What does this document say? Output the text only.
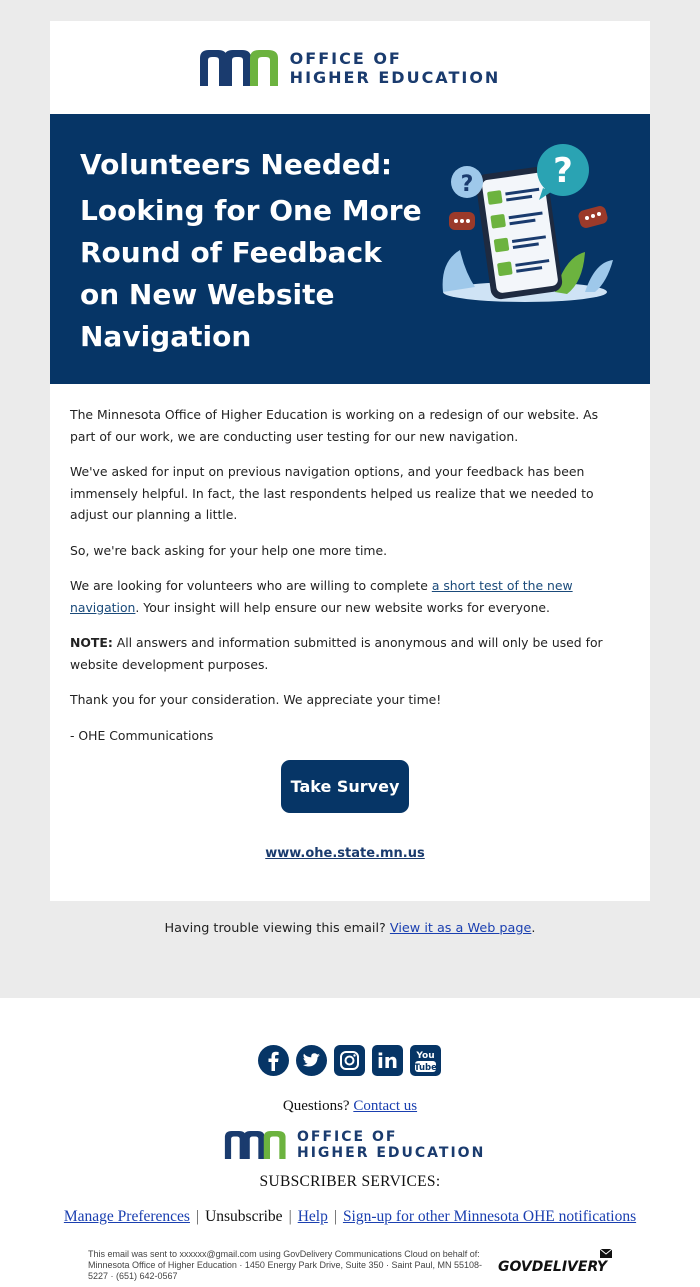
OFFICE OF
HIGHER EDUCATION
Volunteers Needed:
Looking for One More Round of Feedback on New Website Navigation
?
?

The Minnesota Office of Higher Education is working on a redesign of our website. As part of our work, we are conducting user testing for our new navigation.

We've asked for input on previous navigation options, and your feedback has been immensely helpful. In fact, the last respondents helped us realize that we needed to adjust our planning a little.

So, we're back asking for your help one more time.

We are looking for volunteers who are willing to complete a short test of the new navigation. Your insight will help ensure our new website works for everyone.

NOTE: All answers and information submitted is anonymous and will only be used for website development purposes.

Thank you for your consideration. We appreciate your time!

- OHE Communications

Take Survey
www.ohe.state.mn.us
Having trouble viewing this email? View it as a Web page.
in You
Tube
Questions? Contact us
OFFICE OF
HIGHER EDUCATION
SUBSCRIBER SERVICES:
Manage Preferences | Unsubscribe | Help | Sign-up for other Minnesota OHE notifications
This email was sent to xxxxxx@gmail.com using GovDelivery Communications Cloud on behalf of: Minnesota Office of Higher Education · 1450 Energy Park Drive, Suite 350 · Saint Paul, MN 55108-5227 · (651) 642-0567
GOVDELIVERY
